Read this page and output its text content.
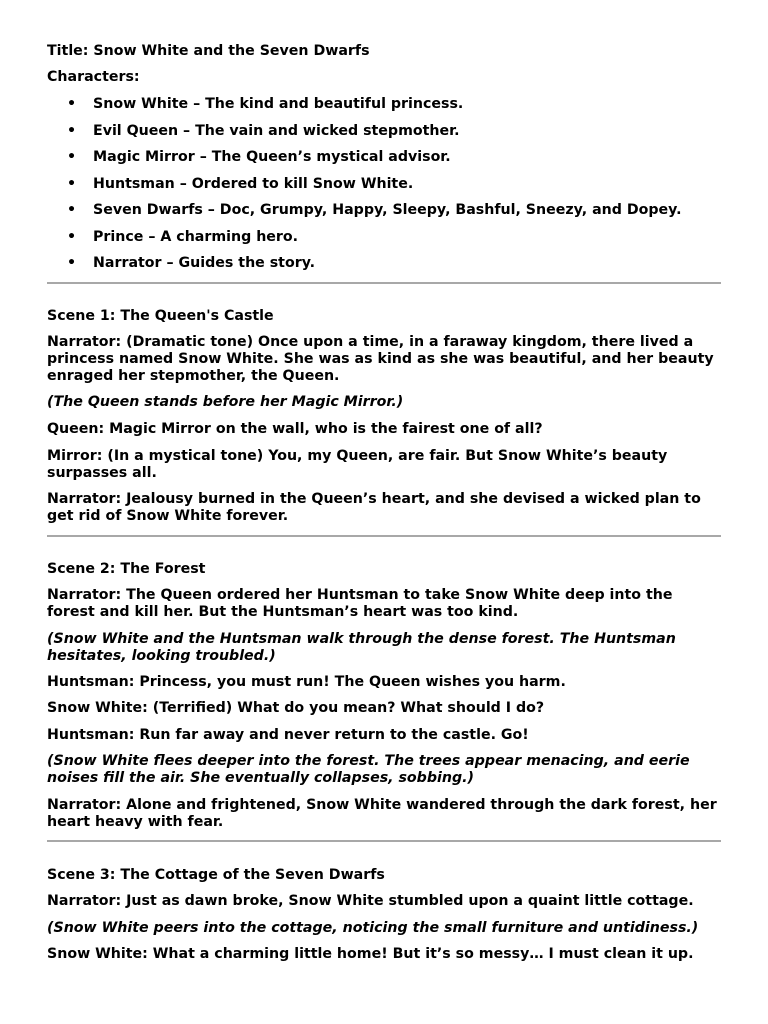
Title: Snow White and the Seven Dwarfs

Characters:

• Snow White – The kind and beautiful princess.
• Evil Queen – The vain and wicked stepmother.
• Magic Mirror – The Queen’s mystical advisor.
• Huntsman – Ordered to kill Snow White.
• Seven Dwarfs – Doc, Grumpy, Happy, Sleepy, Bashful, Sneezy, and Dopey.
• Prince – A charming hero.
• Narrator – Guides the story.

Scene 1: The Queen's Castle

Narrator: (Dramatic tone) Once upon a time, in a faraway kingdom, there lived a princess named Snow White. She was as kind as she was beautiful, and her beauty enraged her stepmother, the Queen.

(The Queen stands before her Magic Mirror.)

Queen: Magic Mirror on the wall, who is the fairest one of all?

Mirror: (In a mystical tone) You, my Queen, are fair. But Snow White’s beauty surpasses all.

Narrator: Jealousy burned in the Queen’s heart, and she devised a wicked plan to get rid of Snow White forever.

Scene 2: The Forest

Narrator: The Queen ordered her Huntsman to take Snow White deep into the forest and kill her. But the Huntsman’s heart was too kind.

(Snow White and the Huntsman walk through the dense forest. The Huntsman hesitates, looking troubled.)

Huntsman: Princess, you must run! The Queen wishes you harm.

Snow White: (Terrified) What do you mean? What should I do?

Huntsman: Run far away and never return to the castle. Go!

(Snow White flees deeper into the forest. The trees appear menacing, and eerie noises fill the air. She eventually collapses, sobbing.)

Narrator: Alone and frightened, Snow White wandered through the dark forest, her heart heavy with fear.

Scene 3: The Cottage of the Seven Dwarfs

Narrator: Just as dawn broke, Snow White stumbled upon a quaint little cottage.

(Snow White peers into the cottage, noticing the small furniture and untidiness.)

Snow White: What a charming little home! But it’s so messy… I must clean it up.
